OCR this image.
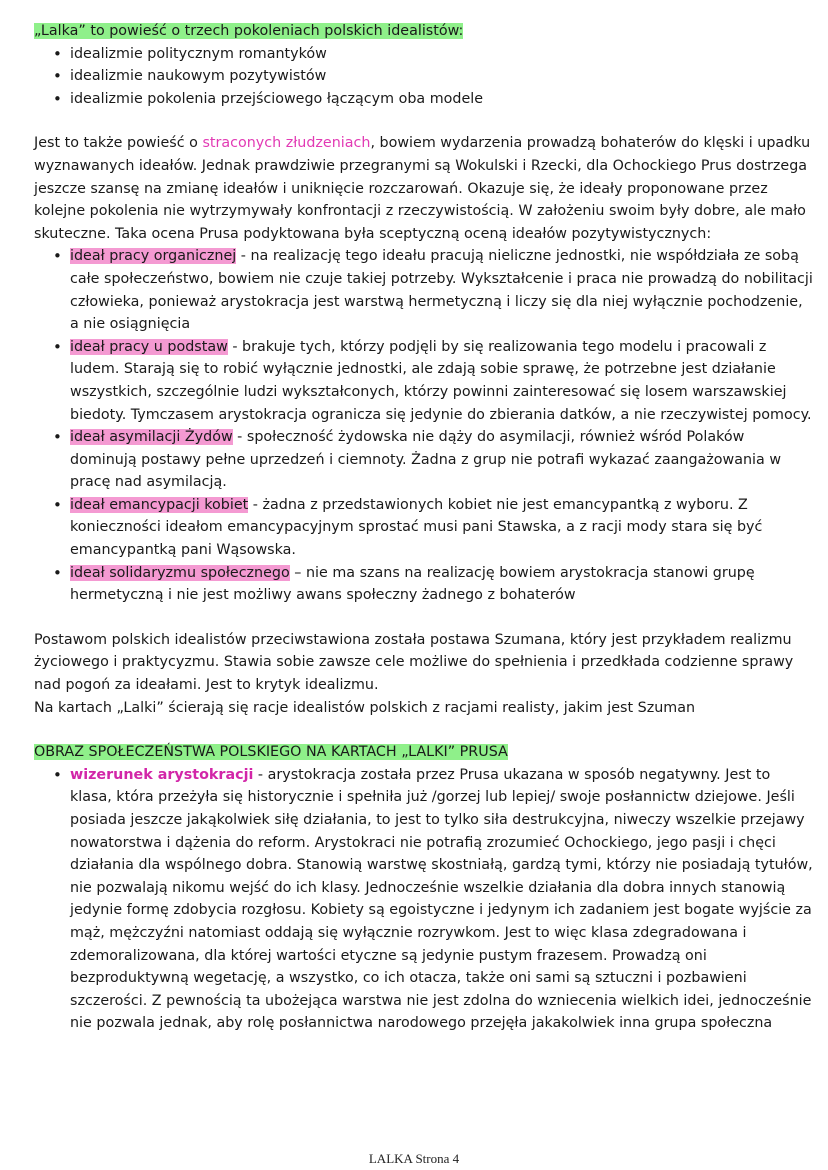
„Lalka” to powieść o trzech pokoleniach polskich idealistów:

• idealizmie politycznym romantyków
• idealizmie naukowym pozytywistów
• idealizmie pokolenia przejściowego łączącym oba modele

Jest to także powieść o straconych złudzeniach, bowiem wydarzenia prowadzą bohaterów do klęski i upadku wyznawanych ideałów. Jednak prawdziwie przegranymi są Wokulski i Rzecki, dla Ochockiego Prus dostrzega jeszcze szansę na zmianę ideałów i uniknięcie rozczarowań. Okazuje się, że ideały proponowane przez kolejne pokolenia nie wytrzymywały konfrontacji z rzeczywistością. W założeniu swoim były dobre, ale mało skuteczne. Taka ocena Prusa podyktowana była sceptyczną oceną ideałów pozytywistycznych:

• ideał pracy organicznej - na realizację tego ideału pracują nieliczne jednostki, nie współdziała ze sobą całe społeczeństwo, bowiem nie czuje takiej potrzeby. Wykształcenie i praca nie prowadzą do nobilitacji człowieka, ponieważ arystokracja jest warstwą hermetyczną i liczy się dla niej wyłącznie pochodzenie, a nie osiągnięcia
• ideał pracy u podstaw - brakuje tych, którzy podjęli by się realizowania tego modelu i pracowali z ludem. Starają się to robić wyłącznie jednostki, ale zdają sobie sprawę, że potrzebne jest działanie wszystkich, szczególnie ludzi wykształconych, którzy powinni zainteresować się losem warszawskiej biedoty. Tymczasem arystokracja ogranicza się jedynie do zbierania datków, a nie rzeczywistej pomocy.
• ideał asymilacji Żydów - społeczność żydowska nie dąży do asymilacji, również wśród Polaków dominują postawy pełne uprzedzeń i ciemnoty. Żadna z grup nie potrafi wykazać zaangażowania w pracę nad asymilacją.
• ideał emancypacji kobiet - żadna z przedstawionych kobiet nie jest emancypantką z wyboru. Z konieczności ideałom emancypacyjnym sprostać musi pani Stawska, a z racji mody stara się być emancypantką pani Wąsowska.
• ideał solidaryzmu społecznego – nie ma szans na realizację bowiem arystokracja stanowi grupę hermetyczną i nie jest możliwy awans społeczny żadnego z bohaterów

Postawom polskich idealistów przeciwstawiona została postawa Szumana, który jest przykładem realizmu życiowego i praktycyzmu. Stawia sobie zawsze cele możliwe do spełnienia i przedkłada codzienne sprawy nad pogoń za ideałami. Jest to krytyk idealizmu.

Na kartach „Lalki” ścierają się racje idealistów polskich z racjami realisty, jakim jest Szuman

OBRAZ SPOŁECZEŃSTWA POLSKIEGO NA KARTACH „LALKI” PRUSA

• wizerunek arystokracji - arystokracja została przez Prusa ukazana w sposób negatywny. Jest to klasa, która przeżyła się historycznie i spełniła już /gorzej lub lepiej/ swoje posłannictw dziejowe. Jeśli posiada jeszcze jakąkolwiek siłę działania, to jest to tylko siła destrukcyjna, niweczy wszelkie przejawy nowatorstwa i dążenia do reform. Arystokraci nie potrafią zrozumieć Ochockiego, jego pasji i chęci działania dla wspólnego dobra. Stanowią warstwę skostniałą, gardzą tymi, którzy nie posiadają tytułów, nie pozwalają nikomu wejść do ich klasy. Jednocześnie wszelkie działania dla dobra innych stanowią jedynie formę zdobycia rozgłosu. Kobiety są egoistyczne i jedynym ich zadaniem jest bogate wyjście za mąż, mężczyźni natomiast oddają się wyłącznie rozrywkom. Jest to więc klasa zdegradowana i zdemoralizowana, dla której wartości etyczne są jedynie pustym frazesem. Prowadzą oni bezproduktywną wegetację, a wszystko, co ich otacza, także oni sami są sztuczni i pozbawieni szczerości. Z pewnością ta ubożejąca warstwa nie jest zdolna do wzniecenia wielkich idei, jednocześnie nie pozwala jednak, aby rolę posłannictwa narodowego przejęła jakakolwiek inna grupa społeczna
LALKA Strona 4
